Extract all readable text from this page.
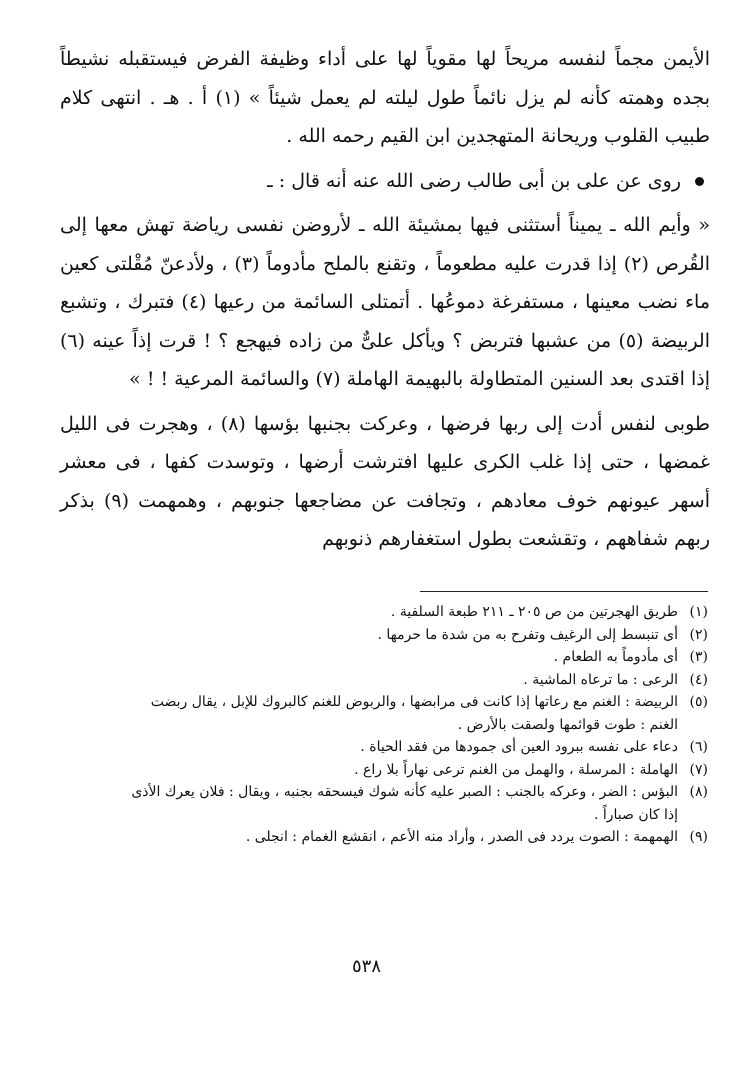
الأيمن مجماً لنفسه مريحاً لها مقوياً لها على أداء وظيفة الفرض فيستقبله نشيطاً بجده وهمته كأنه لم يزل نائماً طول ليلته لم يعمل شيئاً » (١) أ . هـ . انتهى كلام طبيب القلوب وريحانة المتهجدين ابن القيم رحمه الله .

روى عن على بن أبى طالب رضى الله عنه أنه قال : ـ

« وأيم الله ـ يميناً أستثنى فيها بمشيئة الله ـ لأروضن نفسى رياضة تهش معها إلى القُرص (٢) إذا قدرت عليه مطعوماً ، وتقنع بالملح مأدوماً (٣) ، ولأدعنّ مُقْلتى كعين ماء نضب معينها ، مستفرغة دموعُها . أتمتلى السائمة من رعيها (٤) فتبرك ، وتشبع الربيضة (٥) من عشبها فتربض ؟ ويأكل علىٌّ من زاده فيهجع ؟ ! قرت إذاً عينه (٦) إذا اقتدى بعد السنين المتطاولة بالبهيمة الهاملة (٧) والسائمة المرعية ! ! »

طوبى لنفس أدت إلى ربها فرضها ، وعركت بجنبها بؤسها (٨) ، وهجرت فى الليل غمضها ، حتى إذا غلب الكرى عليها افترشت أرضها ، وتوسدت كفها ، فى معشر أسهر عيونهم خوف معادهم ، وتجافت عن مضاجعها جنوبهم ، وهمهمت (٩) بذكر ربهم شفاههم ، وتقشعت بطول استغفارهم ذنوبهم

(١)
طريق الهجرتين من ص ٢٠٥ ـ ٢١١ طبعة السلفية .

(٢)
أى تنبسط إلى الرغيف وتفرح به من شدة ما حرمها .

(٣)
أى مأدوماً به الطعام .

(٤)
الرعى : ما ترعاه الماشية .

(٥)
الربيضة : الغنم مع رعاتها إذا كانت فى مرابضها ، والربوض للغنم كالبروك للإبل ، يقال ربضت الغنم : طوت قوائمها ولصقت بالأرض .

(٦)
دعاء على نفسه ببرود العين أى جمودها من فقد الحياة .

(٧)
الهاملة : المرسلة ، والهمل من الغنم ترعى نهاراً بلا راع .

(٨)
البؤس : الضر ، وعركه بالجنب : الصبر عليه كأنه شوك فيسحقه بجنبه ، ويقال : فلان يعرك الأذى إذا كان صباراً .

(٩)
الهمهمة : الصوت يردد فى الصدر ، وأراد منه الأعم ، انقشع الغمام : انجلى .

٥٣٨
